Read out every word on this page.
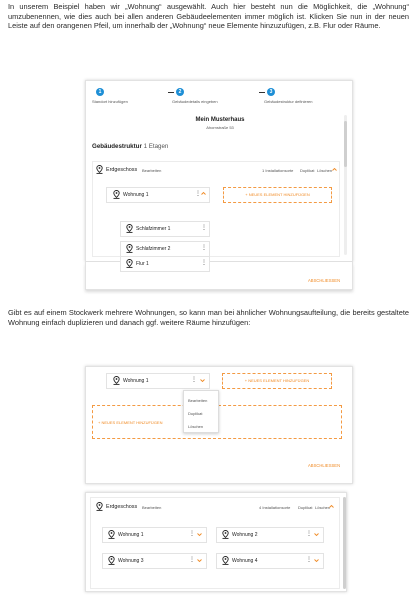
In unserem Beispiel haben wir „Wohnung“ ausgewählt. Auch hier besteht nun die Möglichkeit, die „Wohnung“ umzubenennen, wie dies auch bei allen anderen Gebäudeelementen immer möglich ist. Klicken Sie nun in der neuen Leiste auf den orangenen Pfeil, um innerhalb der „Wohnung“ neue Elemente hinzuzufügen, z.B. Flur oder Räume.
1
Standort hinzufügen
2
Gebäudedetails eingeben
3
Gebäudestruktur definieren
Mein Musterhaus
Ahornstraße 53
Gebäudestruktur 1 Etagen
Erdgeschoss Bearbeiten	1 Installationsorte Duplikat Löschen
Wohnung 1	⋮	+ NEUES ELEMENT HINZUFÜGEN
Schlafzimmer 1	⋮
Schlafzimmer 2	⋮
Flur 1	⋮
ABSCHLIESSEN
Gibt es auf einem Stockwerk mehrere Wohnungen, so kann man bei ähnlicher Wohnungsaufteilung, die bereits gestaltete Wohnung einfach duplizieren und danach ggf. weitere Räume hinzufügen:
Wohnung 1	⋮	+ NEUES ELEMENT HINZUFÜGEN
Bearbeiten
Duplikat
Löschen
+ NEUES ELEMENT HINZUFÜGEN
ABSCHLIESSEN
Erdgeschoss Bearbeiten	4 Installationsorte Duplikat Löschen
Wohnung 1	⋮	Wohnung 2	⋮
Wohnung 3	⋮	Wohnung 4	⋮
